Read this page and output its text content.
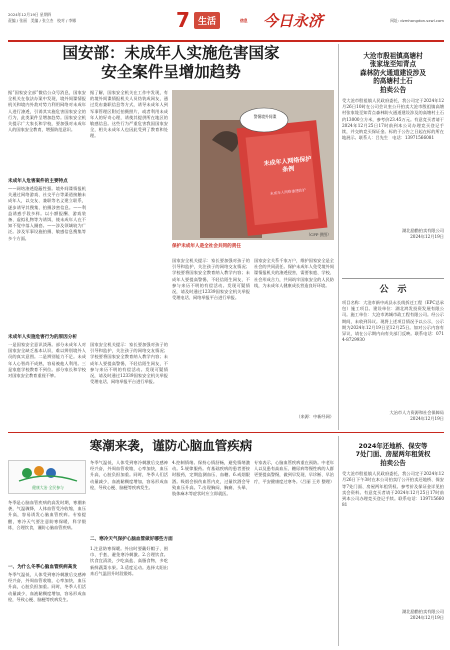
2024年12月19日 星期四
责编 / 张丽　美编 / 张立杰　校对 / 李娜	7 生活	信息 今日永济	网址: dzmhongdon.sxwl.com
国安部：未成年人实施危害国家
安全案件呈增加趋势
据“国家安全部”微信公众号消息，国家安全机关在依法办案中发现，境外间谍情报机关和境内外敌对势力利用网络对未成年人进行渗透，引诱其实施危害国家安全的行为，此类案件呈增加趋势。国家安全机关提示广大家长和学校，要加强对未成年人的国家安全教育，增强防范意识。
未成年人危害案件的主要特点
——网络渗透隐蔽性强。境外间谍情报机关通过网络游戏、社交平台等渠道接触未成年人，以交友、兼职等名义建立联系，逐步诱导其搜集、拍摄涉密信息。——利益诱惑手段多样。以小额报酬、游戏装备、虚拟礼物等为诱饵，使未成年人在不知不觉中落入圈套。——涉及领域较为广泛。涉及军事设施拍摄、敏感信息搜集等多个方面。
未成年人实施危害行为的原因分析
一是国家安全意识淡薄。部分未成年人对国家安全缺乏基本认识，难以辨别境外人员的真实意图。二是辨别能力不足。未成年人心智尚不成熟，容易被他人利用。三是家庭学校教育不到位。部分家长和学校对国家安全教育重视不够。
据了解，国家安全机关在工作中发现，有的境外间谍情报机关人员伪装成网友，通过发布兼职信息等方式，诱导未成年人到军事管理区附近拍摄照片，或者利用未成年人的好奇心理，诱使其提供所在地区的敏感信息。这些行为严重危害我国国家安全，相关未成年人也因此受到了教育和处理。
国家安全机关提示：家长要加强对孩子的引导和监护，关注孩子的网络交友情况；学校要将国家安全教育纳入教学内容；未成年人要提高警惕，不轻信陌生网友，不参与来历不明的有偿活动。发现可疑情况，请及时通过12339国家安全机关举报受理电话、网络举报平台进行举报。
国家安全机关提示：家长要加强对孩子的引导和监护，关注孩子的网络交友情况；学校要将国家安全教育纳入教学内容；未成年人要提高警惕，不轻信陌生网友，不参与来历不明的有偿活动。发现可疑情况，请及时通过12339国家安全机关举报受理电话、网络举报平台进行举报。
保护未成年人是全社会共同的责任
国家安全关系千家万户，维护国家安全是全社会的共同责任。保护未成年人免受境外间谍情报机关的渗透侵害，需要家庭、学校、社会形成合力，共同筑牢国家安全的人民防线，为未成年人健康成长营造良好环境。
（来源：中新经网）
警惕境外间谍
未成年人网络保护条例
未成年人网络渗透防护
（CFP 供图）
大沧市殷祖镇高塘村
张家垅至知青点
森林防火通道建设涉及
的高塘村土石
拍卖公告
受大沧市殷祖镇人民政府委托，我公司定于2024年12月26日10时在公司会议室公开拍卖大沧市殷祖镇高塘村张家垅至知青点森林防火通道建设涉及的高塘村土石约13000立方米，参考价23.45万元。有意竞买者请于2024年12月25日17时前到本公司办理竞买登记手续，并交纳竞买保证金。标的于公告之日起在标的所在地展示。联系人：吕先生　电话：13971566081
湖北励勤拍卖有限公司
2024年12月19日
公　示
项目名称：大沧市新中成县永长线拆迁工程（EPC总承包）施工项目。建设单位：湖北鸿发投资发展有限公司。施工单位：大沧市鸿城市政工程有限公司。经公示期间，未收到异议。现将上述项目情况予以公示，公示期为2024年12月19日至12月25日。如对公示内容有异议，请在公示期内向有关部门反映。联系电话：0714-8729930
大冶市人力资源和社会保障局
2024年12月19日
寒潮来袭，谨防心脑血管疾病
健康大冶 全民参与
冬季是心脑血管疾病的高发时期，寒潮来袭，气温骤降，人体血管受冷收缩，血压升高，容易诱发心脑血管疾病。专家提醒，寒冷天气要注意防寒保暖，科学锻炼，合理饮食，谨防心脑血管疾病。
一、为什么冬季心脑血管疾病高发
冬季气温低，人体受到寒冷刺激后交感神经兴奋，外周血管收缩，心率加快，血压升高，心脏负担加重。同时，冬季人们活动量减少，血液黏稠度增加，容易形成血栓，导致心梗、脑梗等疾病发生。
冬季气温低，人体受到寒冷刺激后交感神经兴奋，外周血管收缩，心率加快，血压升高，心脏负担加重。同时，冬季人们活动量减少，血液黏稠度增加，容易形成血栓，导致心梗、脑梗等疾病发生。
二、寒冷天气保护心脑血管做好哪些方面
1.注意防寒保暖。外出时要戴好帽子、围巾、手套，避免寒冷刺激。2.合理饮食。饮食宜清淡，少吃高盐、高脂食物，多吃新鲜蔬菜水果。3.适度运动。选择太阳出来后气温回升时段锻炼。
4.控制情绪。保持心情舒畅，避免情绪激动。5.规律服药。有基础疾病的患者要按时服药，定期监测血压、血糖。6.戒烟限酒。吸烟会损伤血管内皮，过量饮酒会导致血压升高。7.出现胸闷、胸痛、头晕、肢体麻木等症状时应立即就医。
专家表示，心脑血管疾病重在预防。中老年人以及患有高血压、糖尿病等慢性病的人群更要提高警惕，做到早发现、早诊断、早治疗，平安健康度过寒冬。（吕丽 王芳 整理）
2024年还地桥、保安等
7处门面、房屋两年租赁权
拍卖公告
受大沧市殷祖镇人民政府委托，我公司定于2024年12月26日下午3时在本公司拍卖厅公开拍卖还地桥、保安等7处门面、房屋两年租赁权。参考价及保证金详见拍卖会资料。有意竞买者请于2024年12月25日17时前到本公司办理竞买登记手续。联系电话：13971566081
湖北励勤拍卖有限公司
2024年12月19日
